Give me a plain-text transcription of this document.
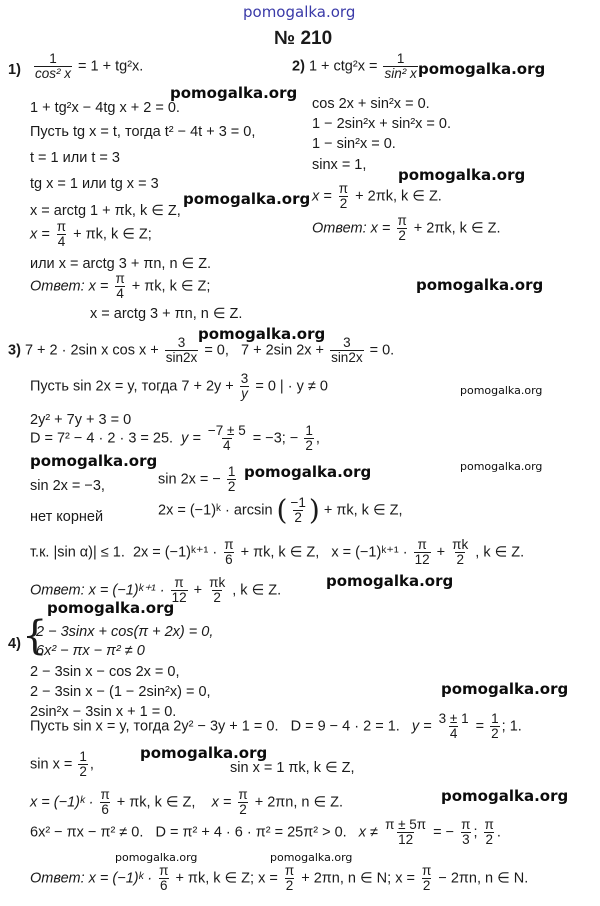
pomogalka.org
pomogalka.org
pomogalka.org
pomogalka.org
pomogalka.org
pomogalka.org
pomogalka.org
pomogalka.org
pomogalka.org
pomogalka.org	pomogalka.org
pomogalka.org
pomogalka.org
pomogalka.org
pomogalka.org
pomogalka.org
pomogalka.org	pomogalka.org
№ 210
$1) \frac{1}{\text{cos² x}} = 1 + tg^2x$.
1 + tg²x − 4tg x + 2 = 0.
Пусть tg x = t, тогда t² − 4t + 3 = 0,
t = 1 или t = 3
tg x = 1 или tg x = 3
x = arctg 1 + πk, k ∈ Z,
$x = \frac{\pi}{4} + \pi k$, k ∈ Z;
или x = arctg 3 + πn, n ∈ Z.
Ответ: $x = \frac{\pi}{4} + \pi k$, k ∈ Z;
x = arctg 3 + πn, n ∈ Z.
2) $1 + ctg^2x = \frac{1}{\text{sin² x}}$
cos 2x + sin²x = 0.
1 − 2sin²x + sin²x = 0.
1 − sin²x = 0.
sinx = 1,
$x = \frac{\pi}{2} + 2\pi k$, k ∈ Z.
Ответ: $x = \frac{\pi}{2} + 2\pi k$, k ∈ Z.
3) 7 + 2 · 2sin x $\cos x + \frac{3}{\sin 2x} = 0$, 7 + 2sin $2x + \frac{3}{\sin 2x} = 0$.
Пусть sin 2x = y, тогда $7 + 2y + \frac{3}{y} = 0$ | · y ≠ 0
2y² + 7y + 3 = 0
D = 7² − 4 · 2 · 3 = 25. $y = \frac{-7 \pm 5}{4} = -3$; − $\frac{1}{2}$ ,
sin 2x = −3,	sin 2x = − $\frac{1}{2}$
нет корней	2x = (−1)ᵏ · arcsin ( $\frac{-1}{2}$ ) + πk, k ∈ Z,
т.к. |sin α)| ≤ 1. 2x = (−1)ᵏ⁺¹ · $\frac{\pi}{6} + \pi k$, k ∈ Z, x = (−1)ᵏ⁺¹ · $\frac{\pi}{12} + \frac{\pi k}{2}$ , k ∈ Z.
Ответ: x = (−1)ᵏ⁺¹ · $\frac{\pi}{12} + \frac{\pi k}{2}$ , k ∈ Z.
4) {
2 − 3sinx + cos(π + 2x) = 0,
6x² − πx − π² ≠ 0
2 − 3sin x − cos 2x = 0,
2 − 3sin x − (1 − 2sin²x) = 0,
2sin²x − 3sin x + 1 = 0.
Пусть sin x = y, тогда 2y² − 3y + 1 = 0. D = 9 − 4 · 2 = 1. $y = \frac{3 \pm 1}{4} = \frac{1}{2}$ ; 1.
$\sin x = \frac{1}{2}$ ,	sin x = 1 πk, k ∈ Z,
x = (−1)ᵏ · $\frac{\pi}{6} + \pi k$, k ∈ Z, $x = \frac{\pi}{2} + 2\pi n$, n ∈ Z.
6x² − πx − π² ≠ 0. D = π² + 4 · 6 · π² = 25π² > 0. $x \ne \frac{\pi \pm 5\pi}{12}$ = − $\frac{\pi}{3}$ ; $\frac{\pi}{2}$ .
Ответ: x = (−1)ᵏ · $\frac{\pi}{6} + \pi k$, k ∈ Z; $x = \frac{\pi}{2} + 2\pi n$, n ∈ N; $x = \frac{\pi}{2} - 2\pi n$, n ∈ N.
